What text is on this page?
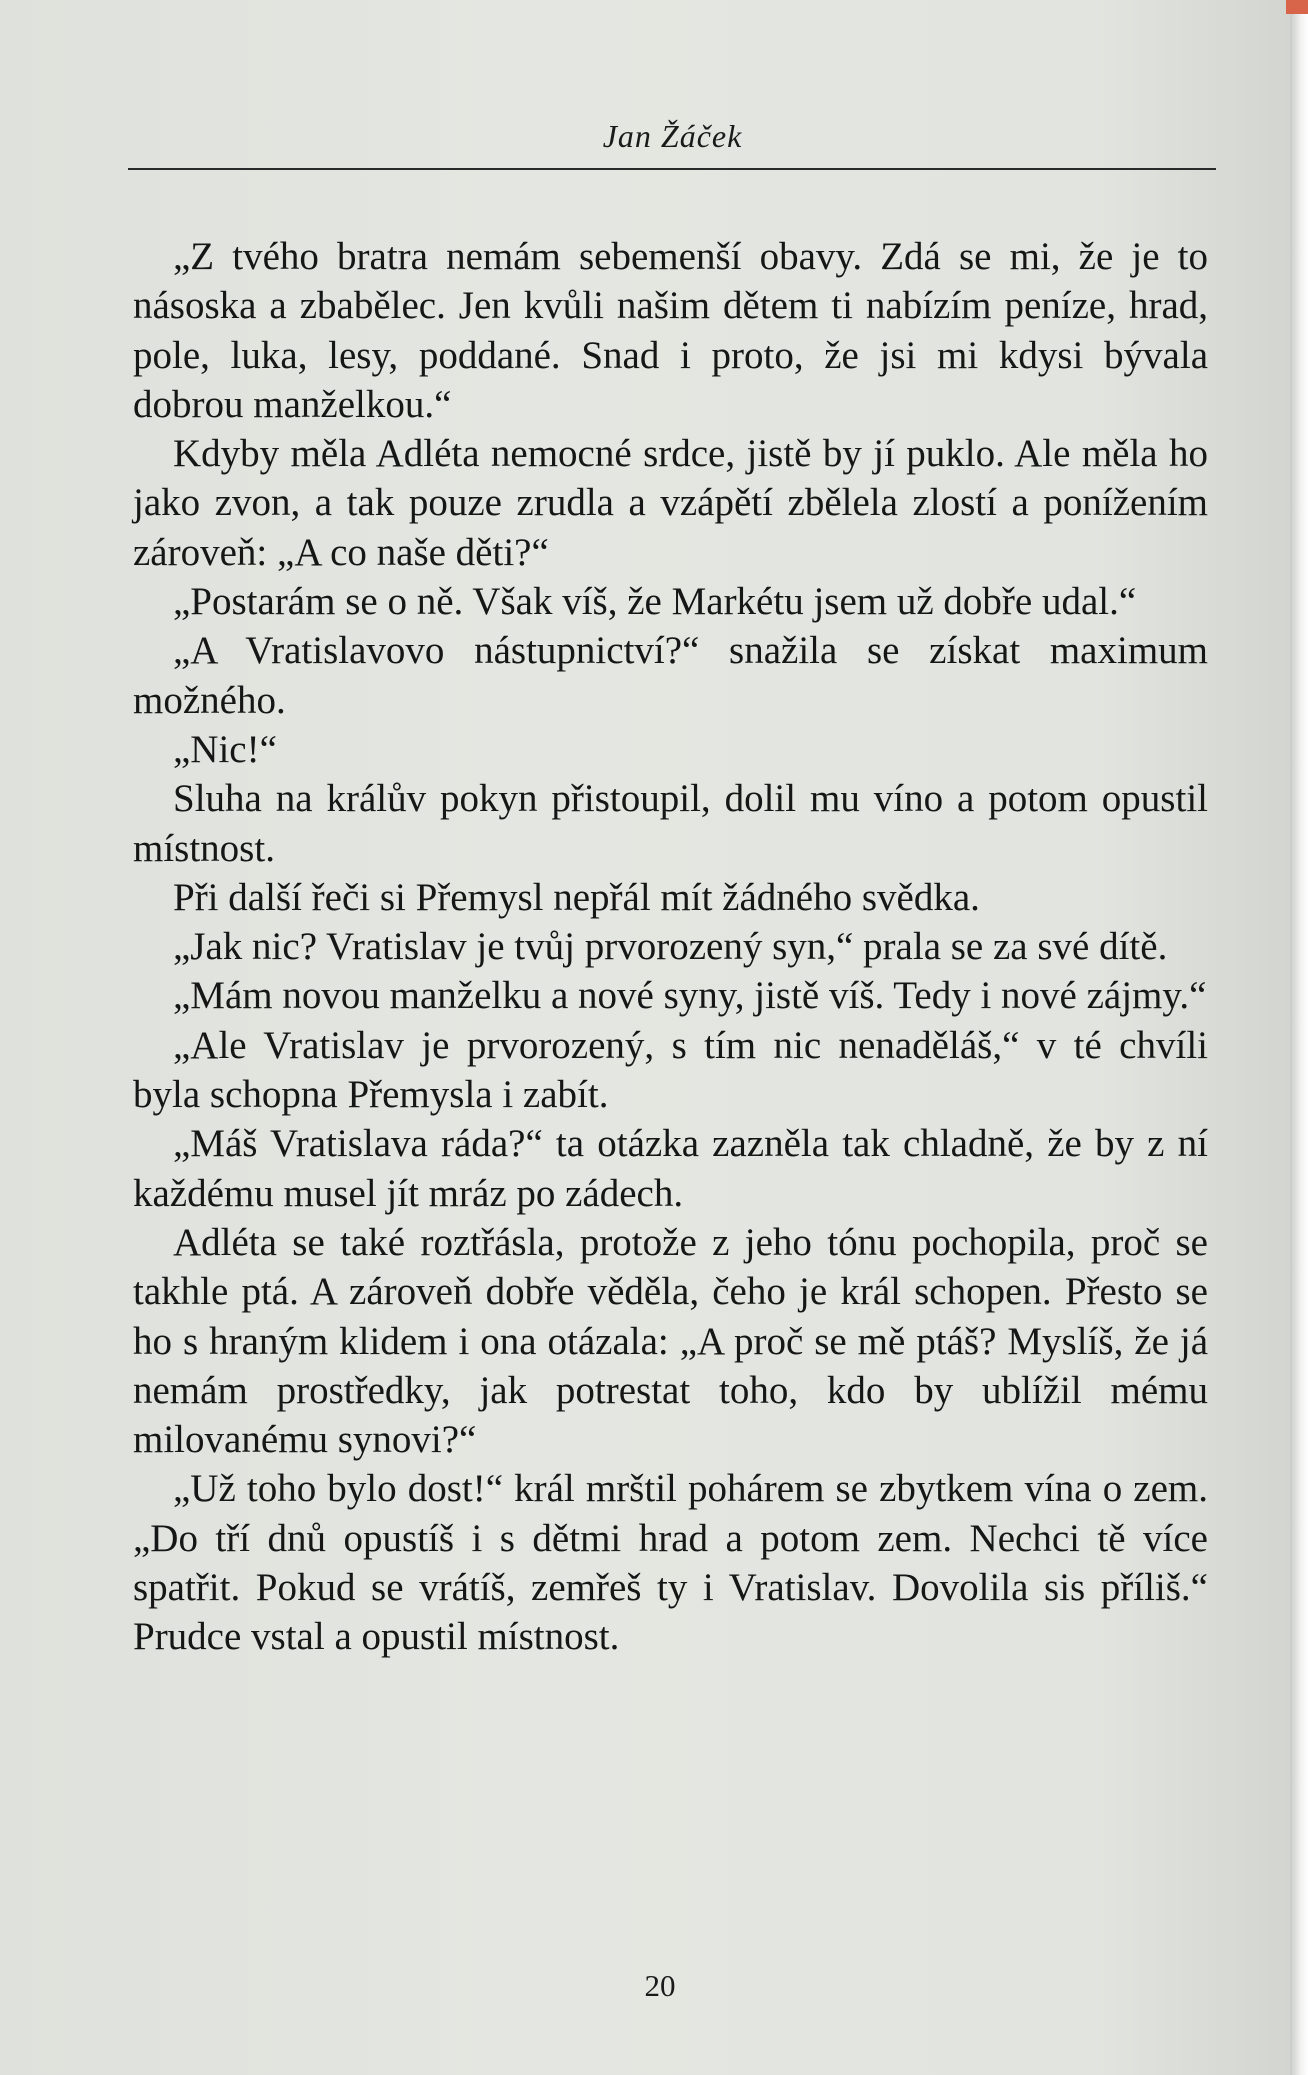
Jan Žáček

„Z tvého bratra nemám sebemenší obavy. Zdá se mi, že je to násoska a zbabělec. Jen kvůli našim dětem ti nabízím peníze, hrad, pole, luka, lesy, poddané. Snad i proto, že jsi mi kdysi bývala dobrou manželkou.“

Kdyby měla Adléta nemocné srdce, jistě by jí puklo. Ale měla ho jako zvon, a tak pouze zrudla a vzápětí zbělela zlostí a ponížením zároveň: „A co naše děti?“

„Postarám se o ně. Však víš, že Markétu jsem už dobře udal.“

„A Vratislavovo nástupnictví?“ snažila se získat maximum možného.

„Nic!“

Sluha na králův pokyn přistoupil, dolil mu víno a potom opustil místnost.

Při další řeči si Přemysl nepřál mít žádného svědka.

„Jak nic? Vratislav je tvůj prvorozený syn,“ prala se za své dítě.

„Mám novou manželku a nové syny, jistě víš. Tedy i nové zájmy.“

„Ale Vratislav je prvorozený, s tím nic nenaděláš,“ v té chvíli byla schopna Přemysla i zabít.

„Máš Vratislava ráda?“ ta otázka zazněla tak chladně, že by z ní každému musel jít mráz po zádech.

Adléta se také roztřásla, protože z jeho tónu pochopila, proč se takhle ptá. A zároveň dobře věděla, čeho je král schopen. Přesto se ho s hraným klidem i ona otázala: „A proč se mě ptáš? Myslíš, že já nemám prostředky, jak potrestat toho, kdo by ublížil mému milovanému synovi?“

„Už toho bylo dost!“ král mrštil pohárem se zbytkem vína o zem. „Do tří dnů opustíš i s dětmi hrad a potom zem. Nechci tě více spatřit. Pokud se vrátíš, zemřeš ty i Vratislav. Dovolila sis příliš.“ Prudce vstal a opustil místnost.

20
